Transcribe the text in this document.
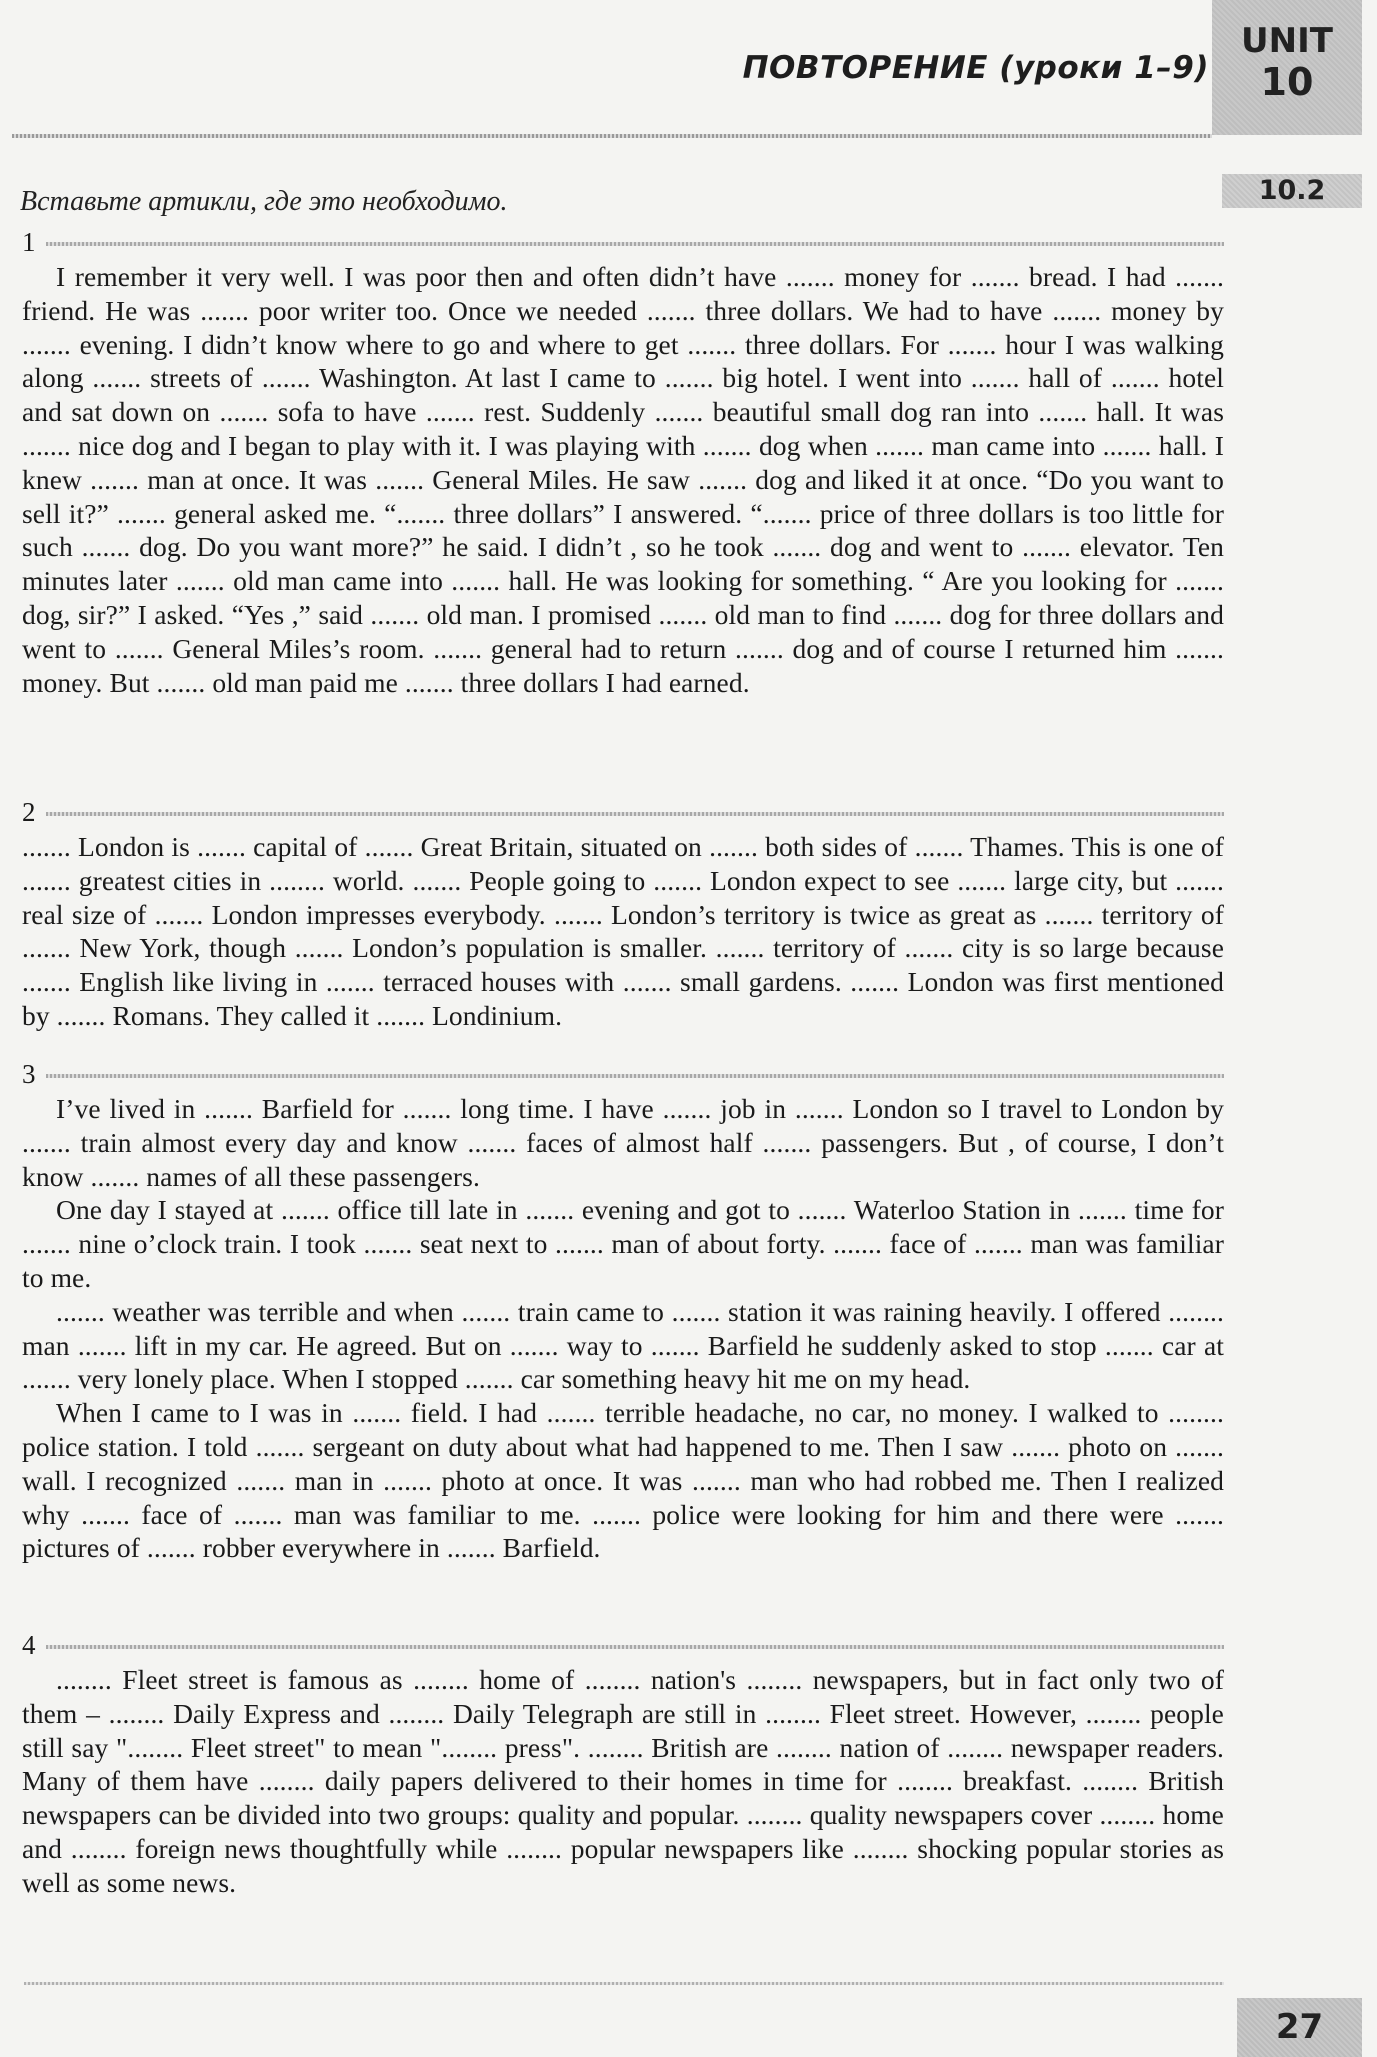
ПОВТОРЕНИЕ (уроки 1–9)
UNIT
10
10.2
Вставьте артикли, где это необходимо.
1

I remember it very well. I was poor then and often didn’t have ....... money for ....... bread. I had ....... friend. He was ....... poor writer too. Once we needed ....... three dollars. We had to have ....... money by ....... evening. I didn’t know where to go and where to get ....... three dollars. For ....... hour I was walking along ....... streets of ....... Washington. At last I came to ....... big hotel. I went into ....... hall of ....... hotel and sat down on ....... sofa to have ....... rest. Suddenly ....... beautiful small dog ran into ....... hall. It was ....... nice dog and I began to play with it. I was playing with ....... dog when ....... man came into ....... hall. I knew ....... man at once. It was ....... General Miles. He saw ....... dog and liked it at once. “Do you want to sell it?” ....... general asked me. “....... three dollars” I answered. “....... price of three dollars is too little for such ....... dog. Do you want more?” he said. I didn’t , so he took ....... dog and went to ....... elevator. Ten minutes later ....... old man came into ....... hall. He was looking for something. “ Are you looking for ....... dog, sir?” I asked. “Yes ,” said ....... old man. I promised ....... old man to find ....... dog for three dollars and went to ....... General Miles’s room. ....... general had to return ....... dog and of course I returned him ....... money. But ....... old man paid me ....... three dollars I had earned.

2

....... London is ....... capital of ....... Great Britain, situated on ....... both sides of ....... Thames. This is one of ....... greatest cities in ........ world. ....... People going to ....... London expect to see ....... large city, but ....... real size of ....... London impresses everybody. ....... London’s territory is twice as great as ....... territory of ....... New York, though ....... London’s population is smaller. ....... territory of ....... city is so large because ....... English like living in ....... terraced houses with ....... small gardens. ....... London was first mentioned by ....... Romans. They called it ....... Londinium.

3

I’ve lived in ....... Barfield for ....... long time. I have ....... job in ....... London so I travel to London by ....... train almost every day and know ....... faces of almost half ....... passengers. But , of course, I don’t know ....... names of all these passengers.

One day I stayed at ....... office till late in ....... evening and got to ....... Waterloo Station in ....... time for ....... nine o’clock train. I took ....... seat next to ....... man of about forty. ....... face of ....... man was familiar to me.

....... weather was terrible and when ....... train came to ....... station it was raining heavily. I offered ........ man ....... lift in my car. He agreed. But on ....... way to ....... Barfield he suddenly asked to stop ....... car at ....... very lonely place. When I stopped ....... car something heavy hit me on my head.

When I came to I was in ....... field. I had ....... terrible headache, no car, no money. I walked to ........ police station. I told ....... sergeant on duty about what had happened to me. Then I saw ....... photo on ....... wall. I recognized ....... man in ....... photo at once. It was ....... man who had robbed me. Then I realized why ....... face of ....... man was familiar to me. ....... police were looking for him and there were ....... pictures of ....... robber everywhere in ....... Barfield.

4

........ Fleet street is famous as ........ home of ........ nation's ........ newspapers, but in fact only two of them – ........ Daily Express and ........ Daily Telegraph are still in ........ Fleet street. However, ........ people still say "........ Fleet street" to mean "........ press". ........ British are ........ nation of ........ newspaper readers. Many of them have ........ daily papers delivered to their homes in time for ........ breakfast. ........ British newspapers can be divided into two groups: quality and popular. ........ quality newspapers cover ........ home and ........ foreign news thoughtfully while ........ popular newspapers like ........ shocking popular stories as well as some news.

27
